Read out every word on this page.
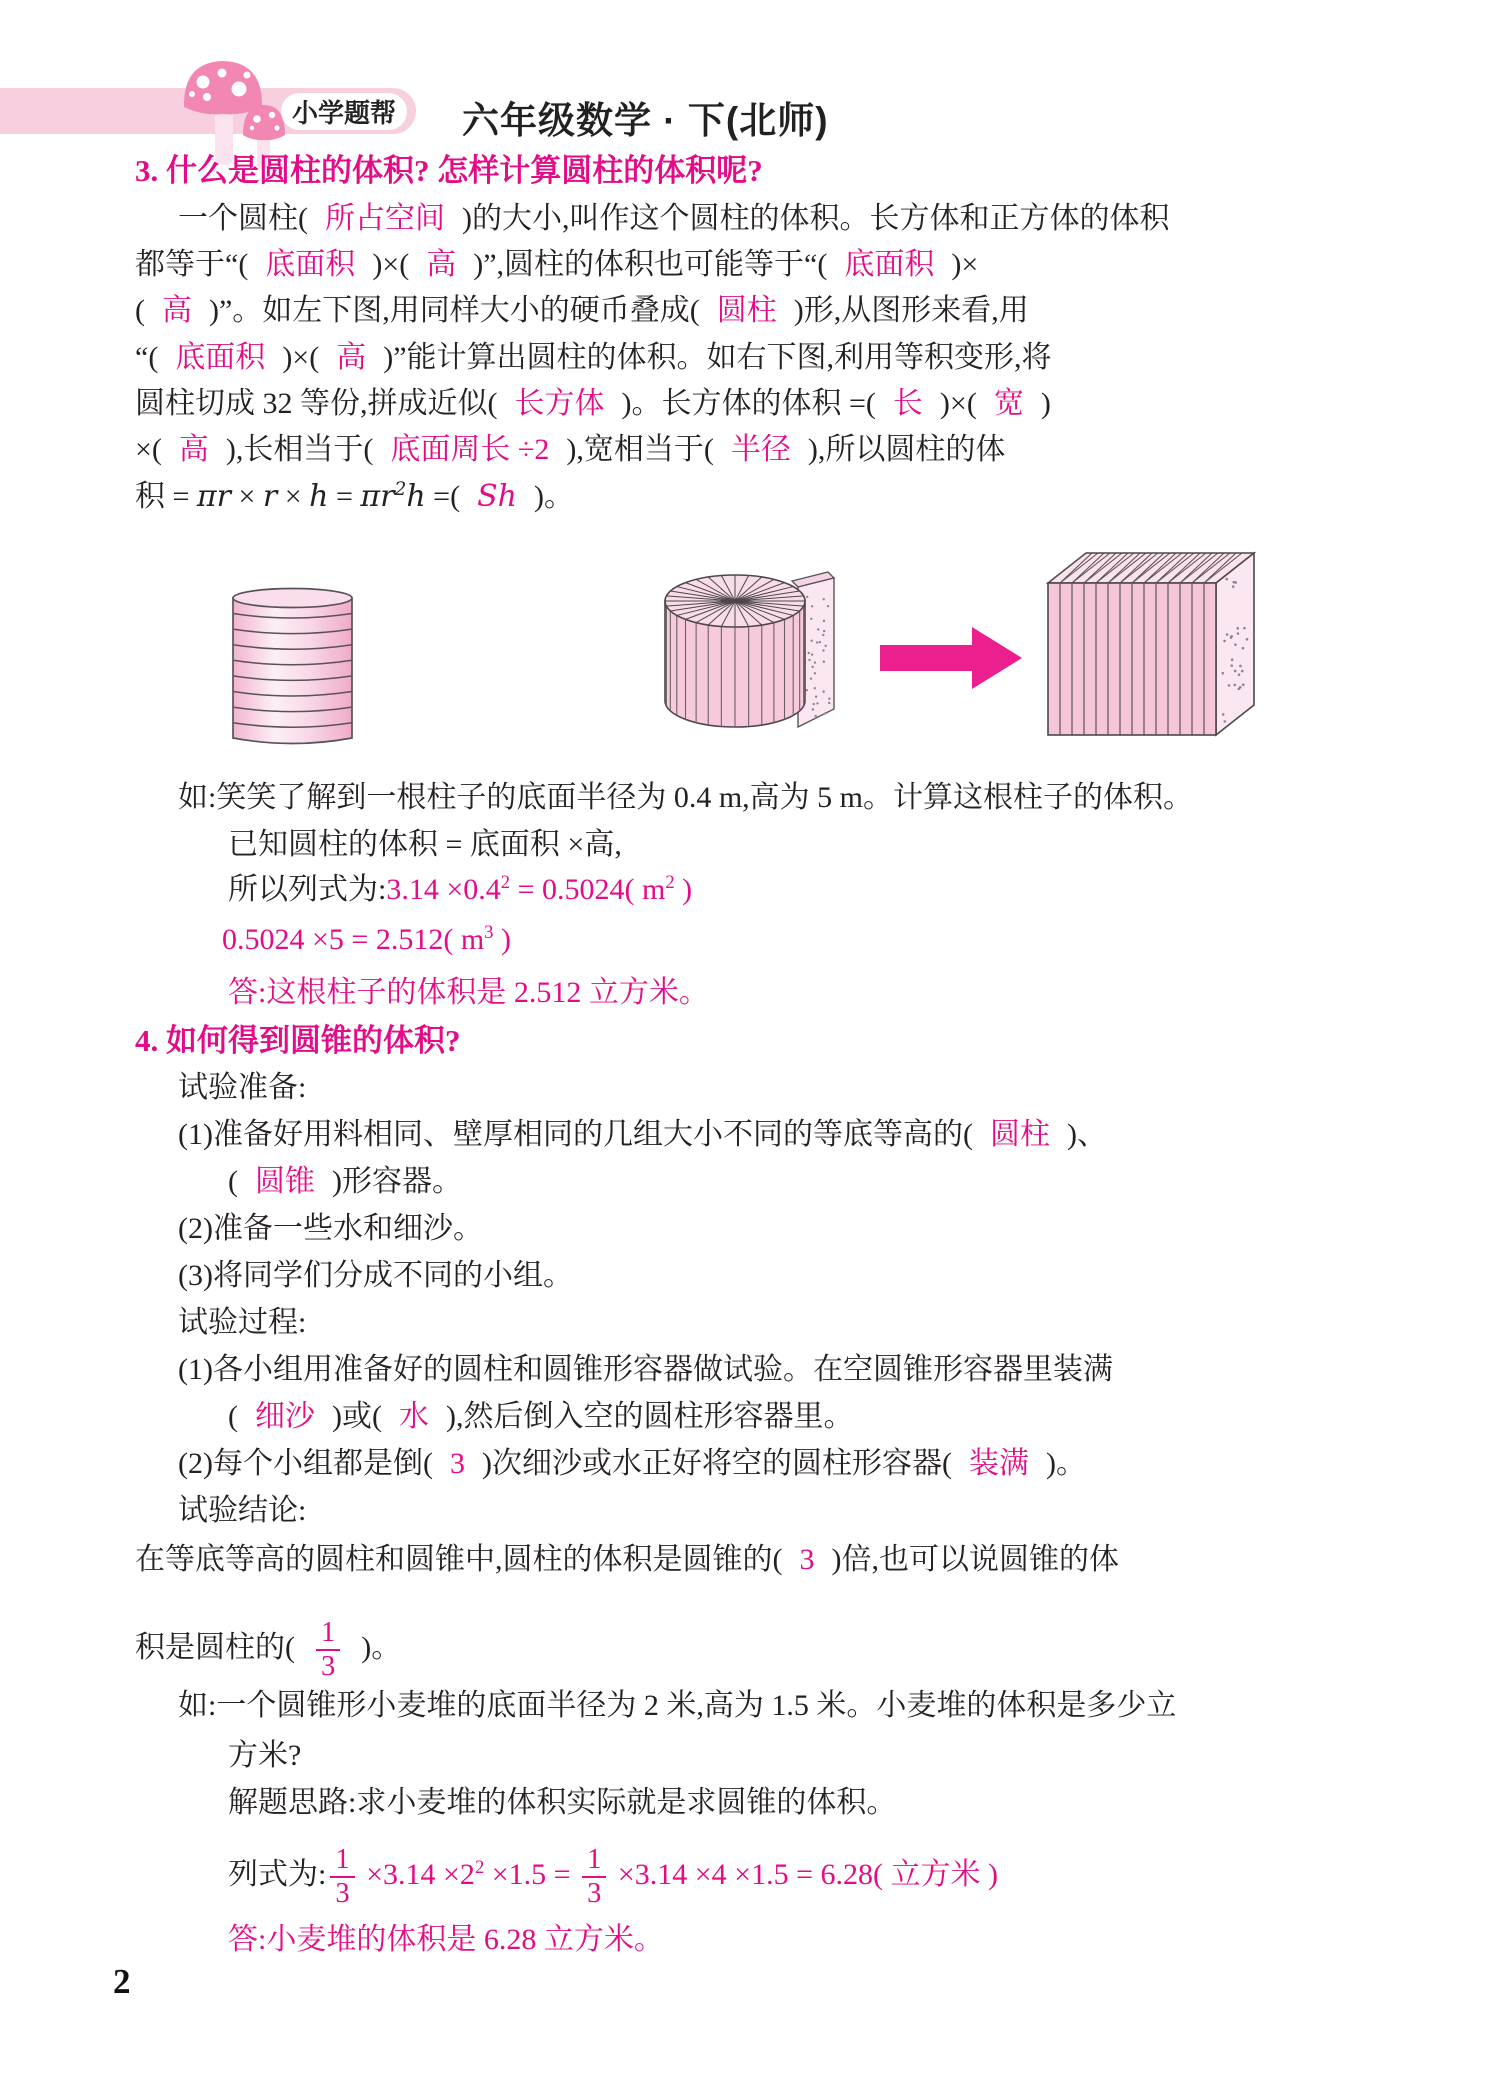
小学题帮 六年级数学 · 下(北师)
3. 什么是圆柱的体积? 怎样计算圆柱的体积呢?
一个圆柱( 所占空间 )的大小,叫作这个圆柱的体积。长方体和正方体的体积
都等于“( 底面积 )×( 高 )”,圆柱的体积也可能等于“( 底面积 )×
( 高 )”。如左下图,用同样大小的硬币叠成( 圆柱 )形,从图形来看,用
“( 底面积 )×( 高 )”能计算出圆柱的体积。如右下图,利用等积变形,将
圆柱切成 32 等份,拼成近似( 长方体 )。长方体的体积 =( 长 )×( 宽 )
×( 高 ),长相当于( 底面周长 ÷2 ),宽相当于( 半径 ),所以圆柱的体
积 = $\pi r \times r \times h = \pi r^2h$ =( Sh )。
如:笑笑了解到一根柱子的底面半径为 0.4 m,高为 5 m。计算这根柱子的体积。
已知圆柱的体积 = 底面积 ×高,
所以列式为:3.14 $\times 0.4^2 = 0.5024$( $m^2$ )
0.5024 ×5 = 2.512( $m^3$ )
答:这根柱子的体积是 2.512 立方米。
4. 如何得到圆锥的体积?
试验准备:
(1)准备好用料相同、壁厚相同的几组大小不同的等底等高的( 圆柱 )、
( 圆锥 )形容器。
(2)准备一些水和细沙。
(3)将同学们分成不同的小组。
试验过程:
(1)各小组用准备好的圆柱和圆锥形容器做试验。在空圆锥形容器里装满
( 细沙 )或( 水 ),然后倒入空的圆柱形容器里。
(2)每个小组都是倒( 3 )次细沙或水正好将空的圆柱形容器( 装满 )。
试验结论:
在等底等高的圆柱和圆锥中,圆柱的体积是圆锥的( 3 )倍,也可以说圆锥的体
积是圆柱的( $\frac{1}{3}$ )。
如:一个圆锥形小麦堆的底面半径为 2 米,高为 1.5 米。小麦堆的体积是多少立
方米?
解题思路:求小麦堆的体积实际就是求圆锥的体积。
列式为: $\frac{1}{3} \times 3.14 \times 2^2 \times 1.5 = \frac{1}{3} \times 3.14 \times 4 \times 1.5 = 6.28$( 立方米 )
答:小麦堆的体积是 6.28 立方米。
2
